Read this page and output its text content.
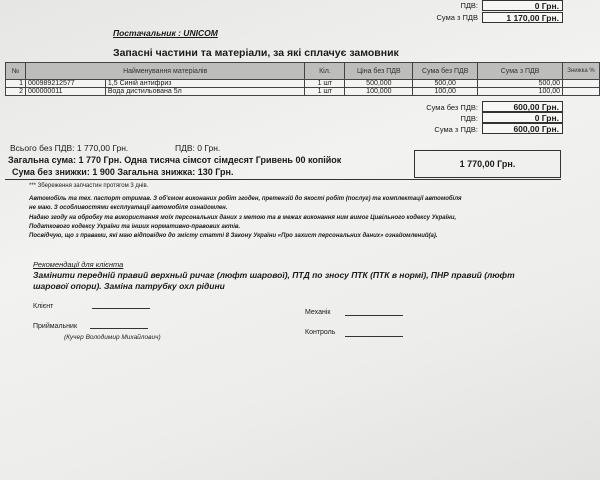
ПДВ:	0 Грн.
Сума з ПДВ	1 170,00 Грн.
Постачальник : UNICOM
Запасні частини та матеріали, за які сплачує замовник
№	Найменування матеріалів		Кіл.	Ціна без ПДВ	Сума без ПДВ	Сума з ПДВ	Знижка %
1	000989212577	1,5 Синій антифриз	1 шт	500,000	500,00	500,00	
2	000000011	Вода дистильована 5л	1 шт	100,000	100,00	100,00	
Сума без ПДВ:	600,00 Грн.
ПДВ:	0 Грн.
Сума з ПДВ:	600,00 Грн.
Всього без ПДВ: 1 770,00 Грн.	ПДВ: 0 Грн.
Загальна сума: 1 770 Грн. Одна тисяча сімсот сімдесят Гривень 00 копійок
Сума без знижки: 1 900 Загальна знижка: 130 Грн.
1 770,00 Грн.
*** Збереження запчастин протягом 3 днів.
Автомобіль та тех. паспорт отримав. З об'ємом виконаних робіт згоден, претензій до якості робіт (послуг) та комплектації автомобіля
не маю. З особливостями експлуатації автомобіля ознайомлен.
Надаю згоду на обробку та використання моїх персональних даних з метою та в межах виконання ним вимог Цивільного кодексу України,
Податкового кодексу України та інших нормативно-правових актів.
Посвідчую, що з правами, які маю відповідно до змісту статті 8 Закону України «Про захист персональних даних» ознайомлений(а).
Рекомендації для клієнта
Замінити передній правий верхный ричаг (люфт шарової), ПТД по зносу ПТК (ПТК в нормі), ПНР правий (люфт
шарової опори). Заміна патрубку охл рідини
Клієнт
Приймальник
(Кучер Володимир Михайлович)
Механік
Контроль
